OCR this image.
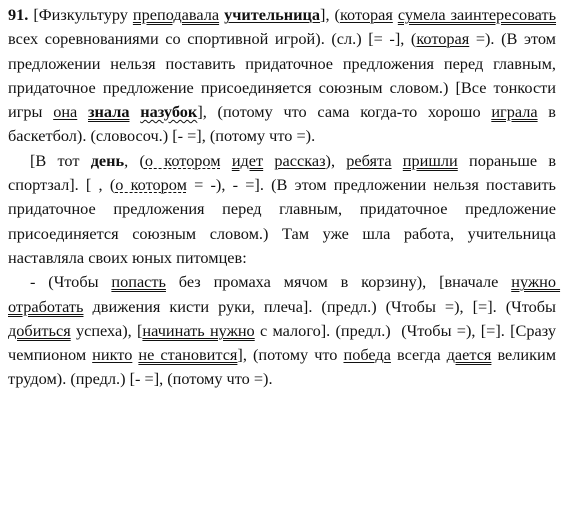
91. [Физкультуру преподавала учительница], (которая сумела заинтересовать всех соревнованиями со спортивной игрой). (сл.) [= -], (которая =). (В этом предложении нельзя поставить придаточное предложения перед главным, придаточное предложение присоединяется союзным словом.) [Все тонкости игры она знала назубок], (потому что сама когда-то хорошо играла в баскетбол). (словосоч.) [- =], (потому что =).

[В тот день, (о котором идет рассказ), ребята пришли пораньше в спортзал]. [ , (о котором = -), - =]. (В этом предложении нельзя поставить придаточное предложения перед главным, придаточное предложение присоединяется союзным словом.) Там уже шла работа, учительница наставляла своих юных питомцев:

- (Чтобы попасть без промаха мячом в корзину), [вначале нужно отработать движения кисти руки, плеча]. (предл.) (Чтобы =), [=]. (Чтобы добиться успеха), [начинать нужно с малого]. (предл.)  (Чтобы =), [=]. [Сразу чемпионом никто не становится], (потому что победа всегда дается великим трудом). (предл.) [- =], (потому что =).
